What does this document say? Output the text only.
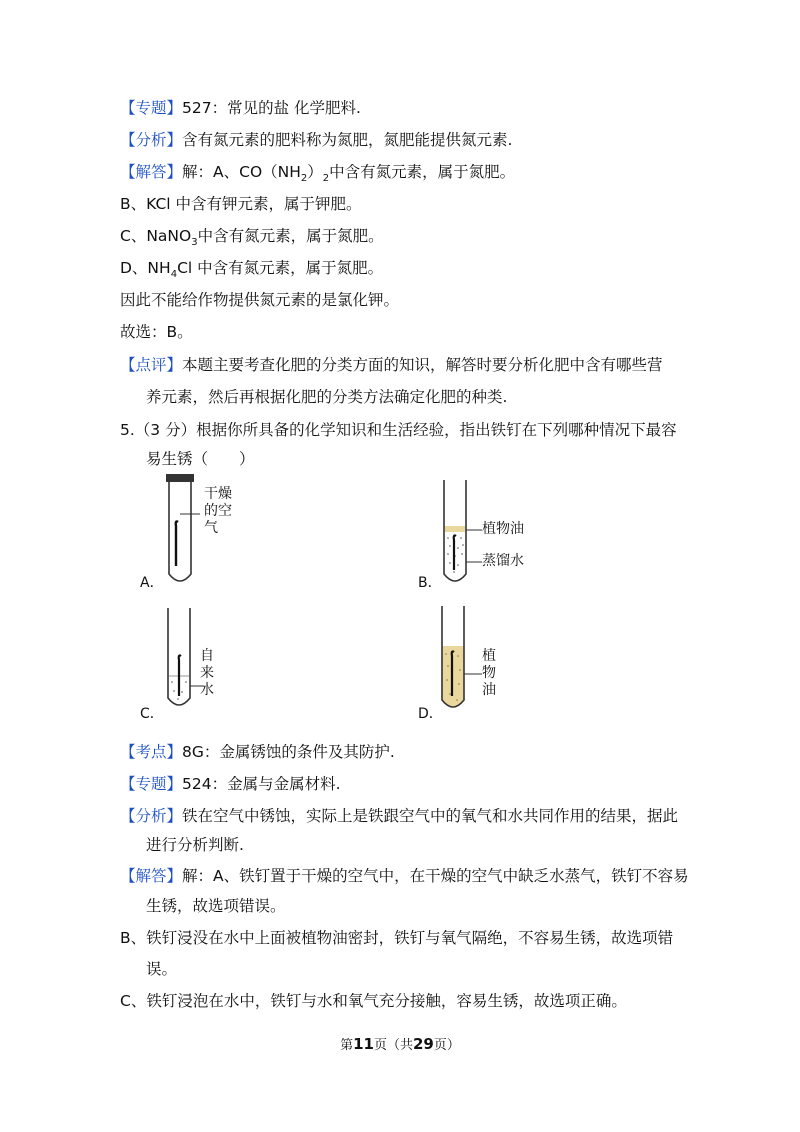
【专题】527：常见的盐 化学肥料.
【分析】含有氮元素的肥料称为氮肥，氮肥能提供氮元素.
【解答】解：A、$CO(NH_2)_2$中含有氮元素，属于氮肥。
B、KCl 中含有钾元素，属于钾肥。
C、NaNO$_3$中含有氮元素，属于氮肥。
D、$NH_4Cl$ 中含有氮元素，属于氮肥。
因此不能给作物提供氮元素的是氯化钾。
故选：B。
【点评】本题主要考查化肥的分类方面的知识，解答时要分析化肥中含有哪些营
养元素，然后再根据化肥的分类方法确定化肥的种类.
5.（3 分）根据你所具备的化学知识和生活经验，指出铁钉在下列哪种情况下最容
易生锈（　　）
干燥
的空
气
A．
植物油
蒸馏水
B．
自
来
水
C．
植
物
油
D．
【考点】8G：金属锈蚀的条件及其防护.
【专题】524：金属与金属材料.
【分析】铁在空气中锈蚀，实际上是铁跟空气中的氧气和水共同作用的结果，据此
进行分析判断.
【解答】解：A、铁钉置于干燥的空气中，在干燥的空气中缺乏水蒸气，铁钉不容易
生锈，故选项错误。
B、铁钉浸没在水中上面被植物油密封，铁钉与氧气隔绝，不容易生锈，故选项错
误。
C、铁钉浸泡在水中，铁钉与水和氧气充分接触，容易生锈，故选项正确。
第11页（共29页）
